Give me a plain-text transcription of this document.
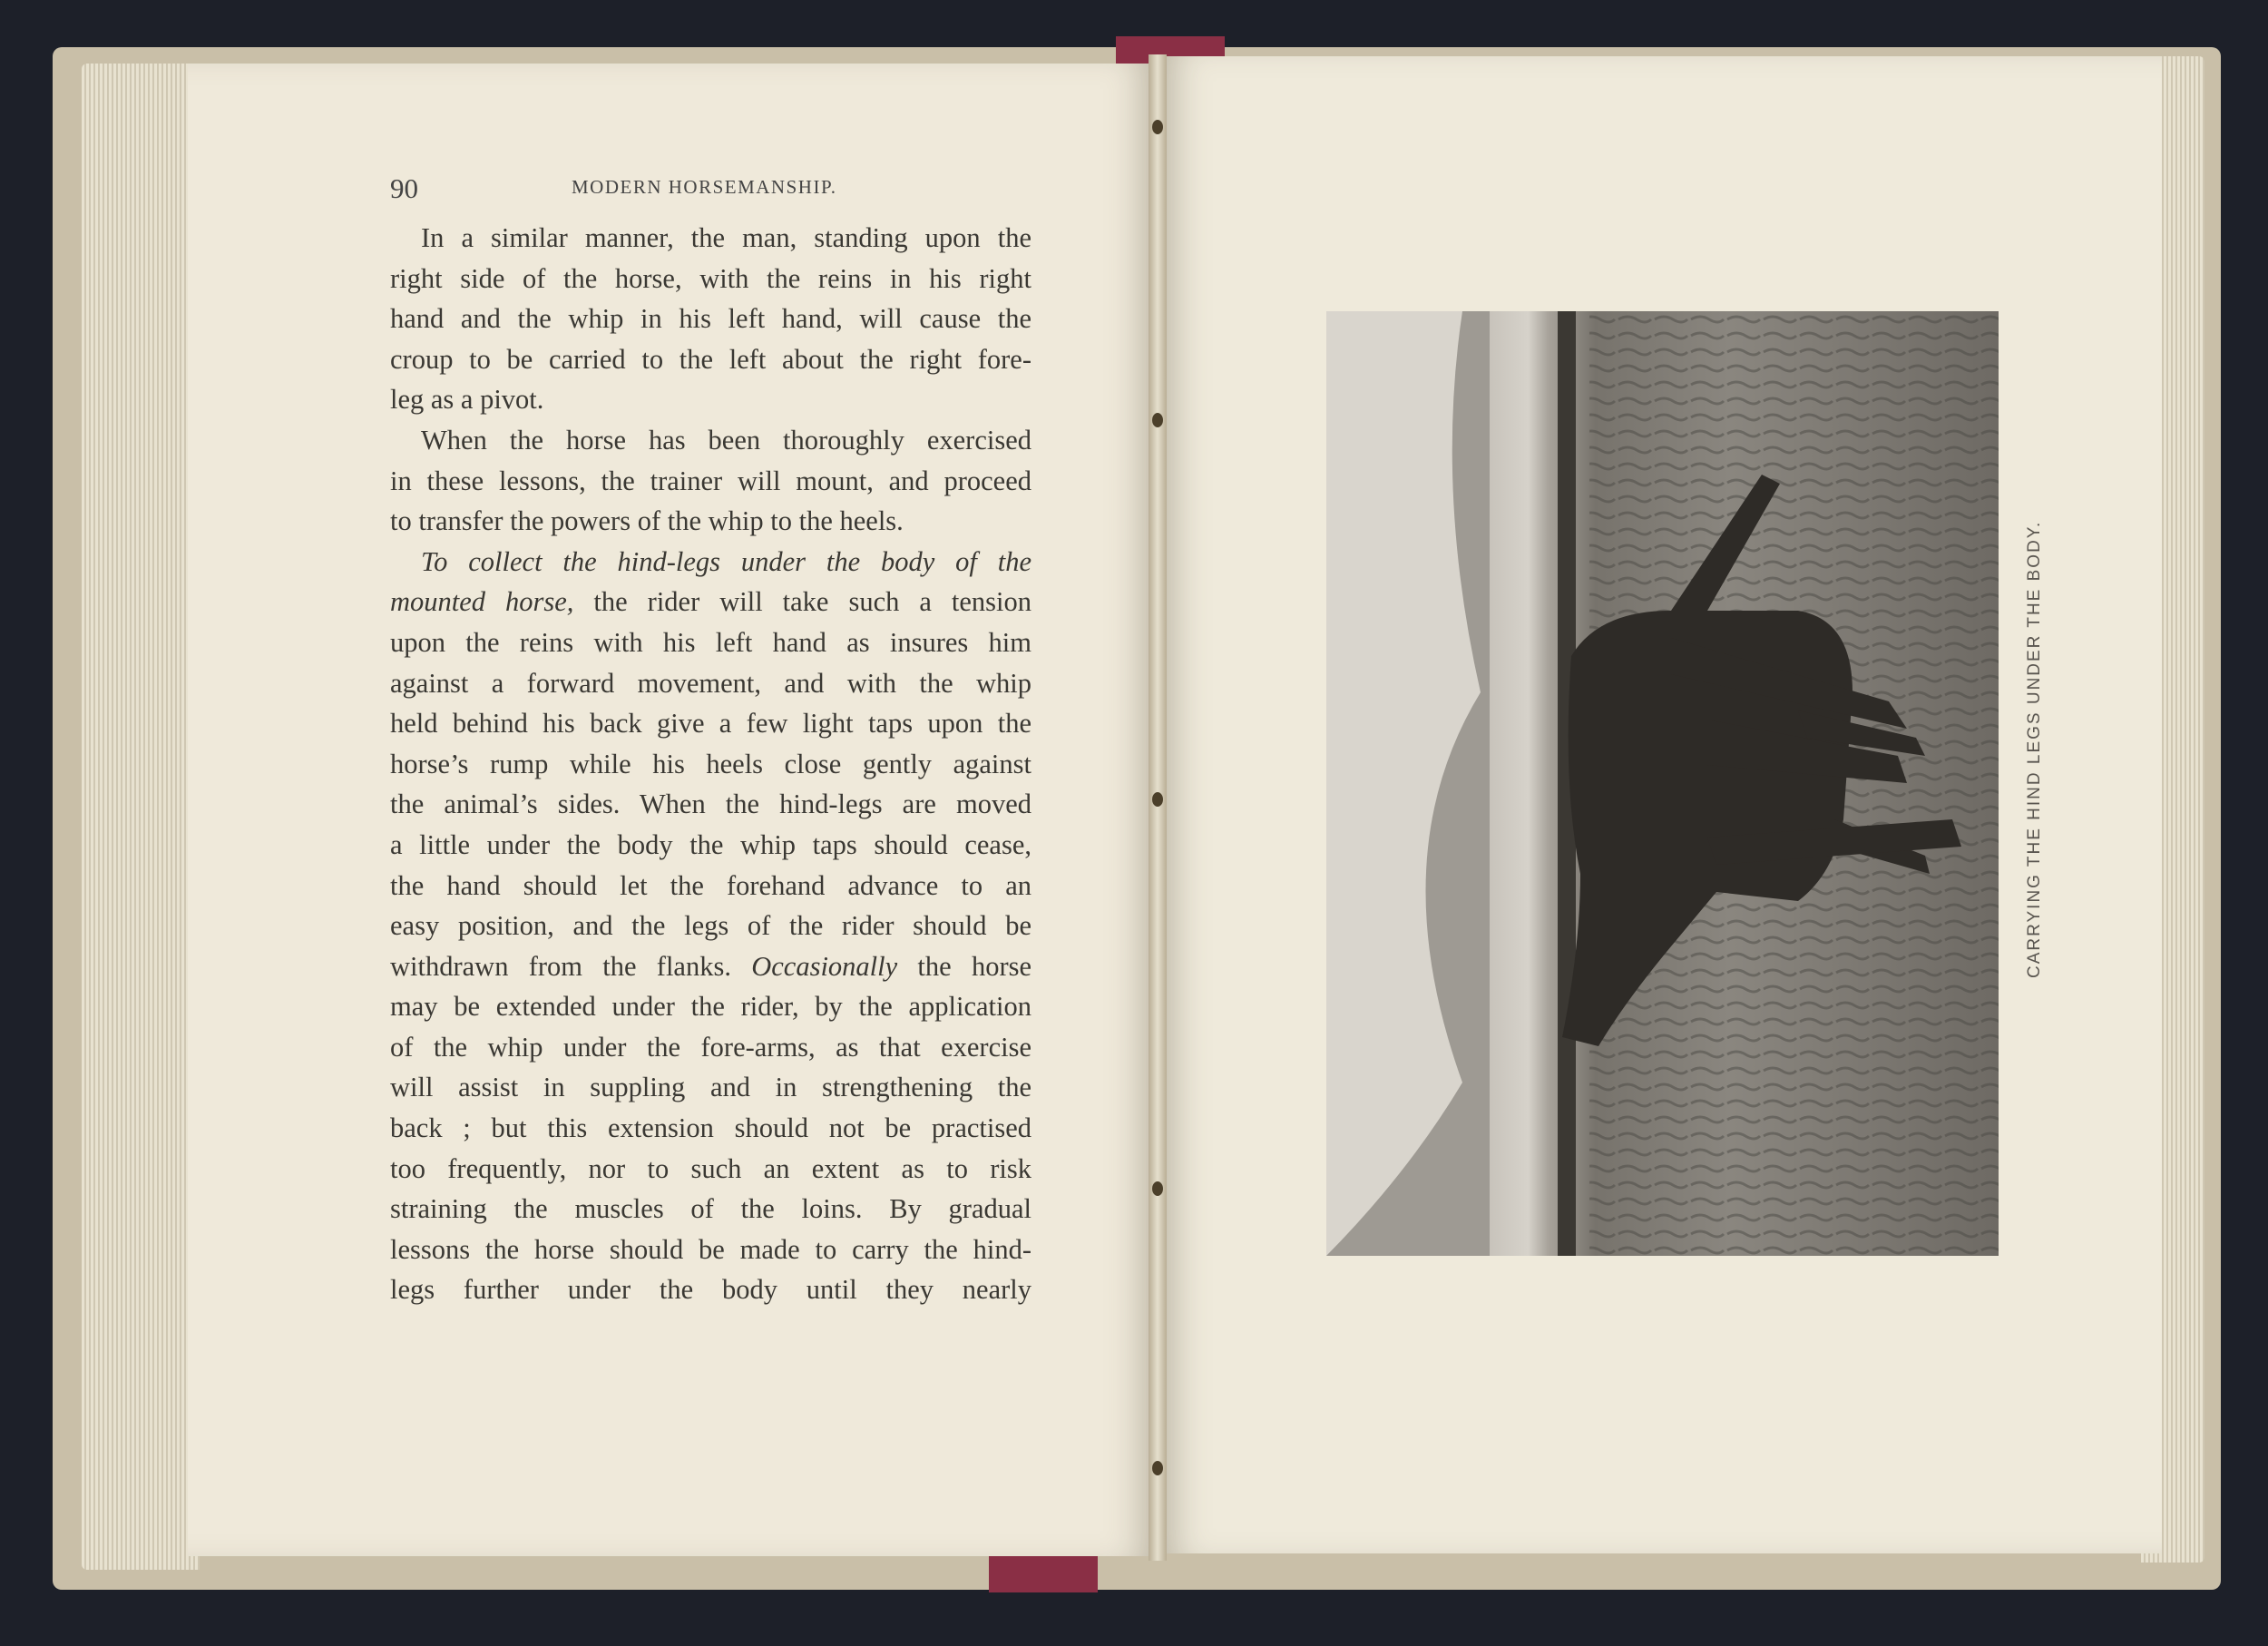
90	MODERN HORSEMANSHIP.
In a similar manner, the man, standing upon the
right side of the horse, with the reins in his right
hand and the whip in his left hand, will cause the
croup to be carried to the left about the right fore-
leg as a pivot.
When the horse has been thoroughly exercised
in these lessons, the trainer will mount, and proceed
to transfer the powers of the whip to the heels.
To collect the hind-legs under the body of the
mounted horse, the rider will take such a tension
upon the reins with his left hand as insures him
against a forward movement, and with the whip
held behind his back give a few light taps upon the
horse’s rump while his heels close gently against
the animal’s sides. When the hind-legs are moved
a little under the body the whip taps should cease,
the hand should let the forehand advance to an
easy position, and the legs of the rider should be
withdrawn from the flanks. Occasionally the horse
may be extended under the rider, by the application
of the whip under the fore-arms, as that exercise
will assist in suppling and in strengthening the
back ; but this extension should not be practised
too frequently, nor to such an extent as to risk
straining the muscles of the loins. By gradual
lessons the horse should be made to carry the hind-
legs further under the body until they nearly
CARRYING THE HIND LEGS UNDER THE BODY.
